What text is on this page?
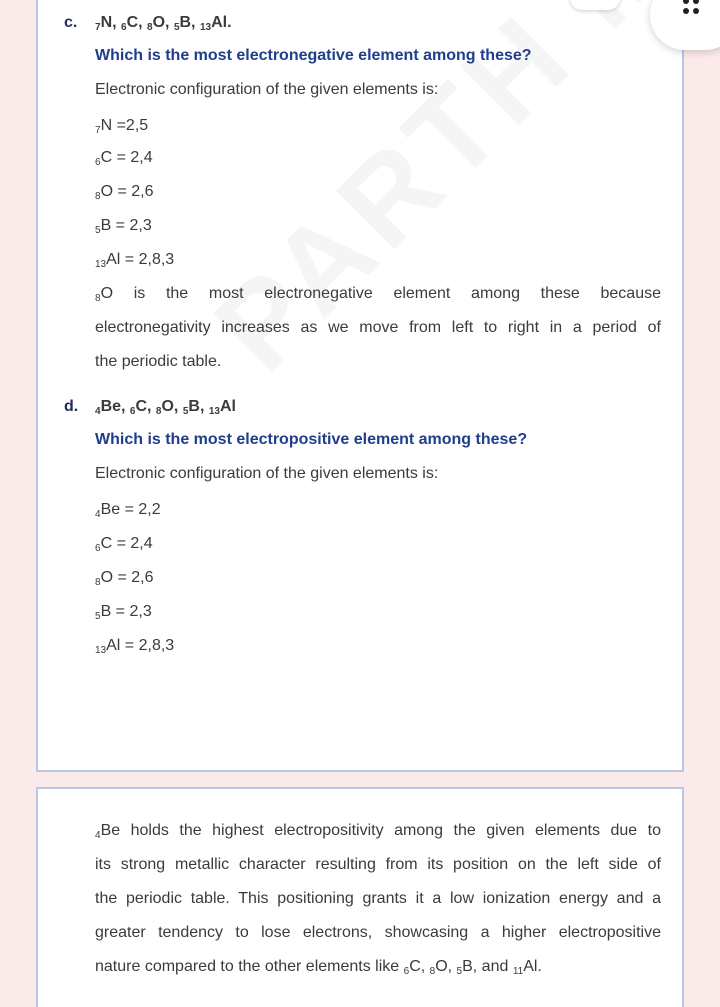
c. $_7$N, $_6$C, $_8$O, $_5$B, $_{13}$Al.
Which is the most electronegative element among these?
Electronic configuration of the given elements is:
$_7$N =2,5
$_6$C = 2,4
$_8$O = 2,6
$_5$B = 2,3
$_{13}$Al = 2,8,3
$_8$O is the most electronegative element among these because
electronegativity increases as we move from left to right in a period of
the periodic table.
d. $_4$Be, $_6$C, $_8$O, $_5$B, $_{13}$Al
Which is the most electropositive element among these?
Electronic configuration of the given elements is:
$_4$Be = 2,2
$_6$C = 2,4
$_8$O = 2,6
$_5$B = 2,3
$_{13}$Al = 2,8,3
$_4$Be holds the highest electropositivity among the given elements due to
its strong metallic character resulting from its position on the left side of
the periodic table. This positioning grants it a low ionization energy and a
greater tendency to lose electrons, showcasing a higher electropositive
nature compared to the other elements like $_6$C, $_8$O, $_5$B, and $_{11}$Al.
